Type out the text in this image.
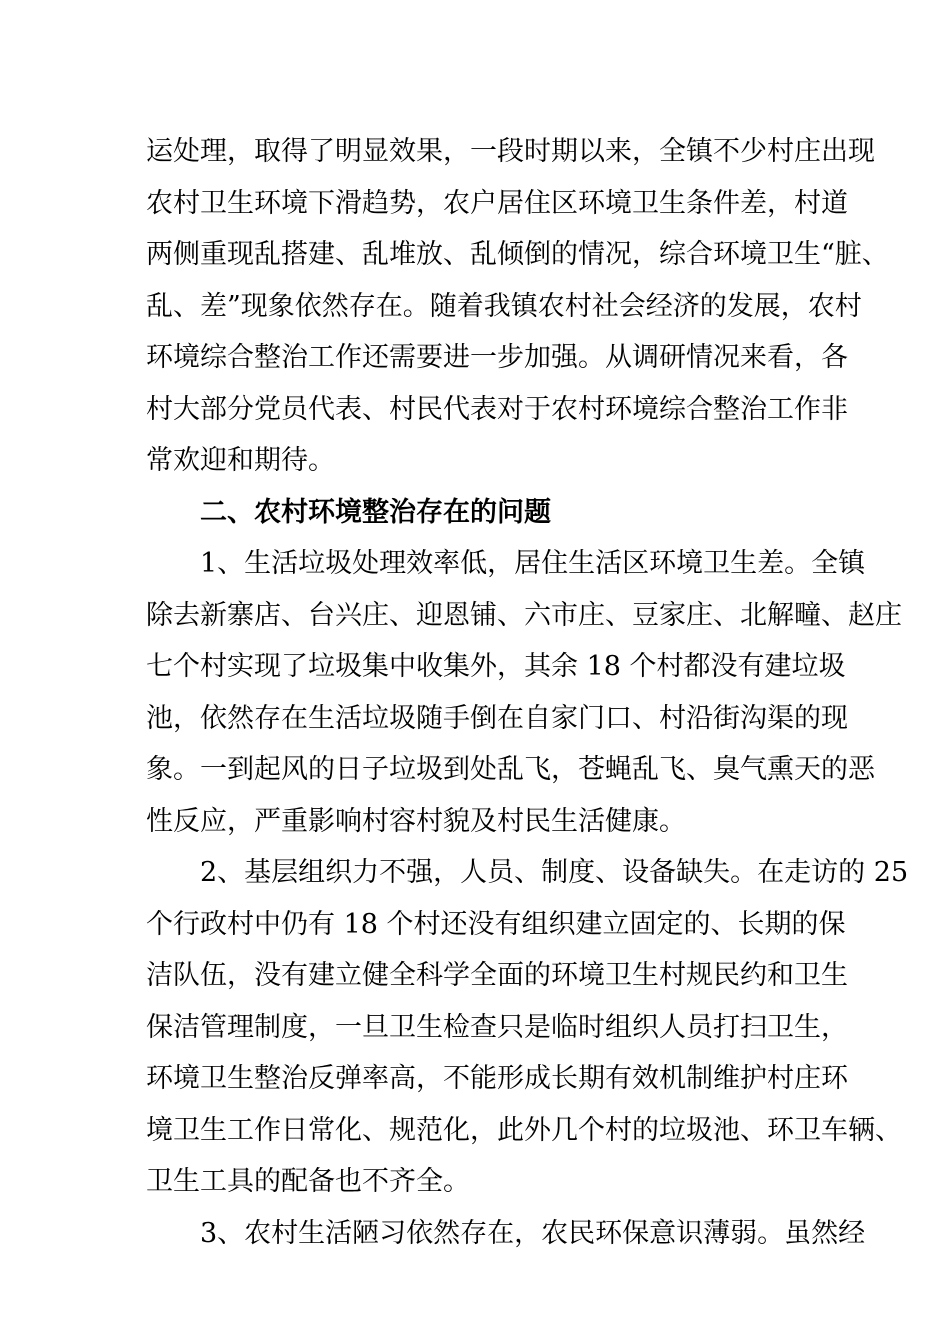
运处理，取得了明显效果，一段时期以来，全镇不少村庄出现
农村卫生环境下滑趋势，农户居住区环境卫生条件差，村道
两侧重现乱搭建、乱堆放、乱倾倒的情况，综合环境卫生“脏、
乱、差”现象依然存在。随着我镇农村社会经济的发展，农村
环境综合整治工作还需要进一步加强。从调研情况来看，各
村大部分党员代表、村民代表对于农村环境综合整治工作非
常欢迎和期待。
二、农村环境整治存在的问题
1、生活垃圾处理效率低，居住生活区环境卫生差。全镇
除去新寨店、台兴庄、迎恩铺、六市庄、豆家庄、北解疃、赵庄
七个村实现了垃圾集中收集外，其余 18 个村都没有建垃圾
池，依然存在生活垃圾随手倒在自家门口、村沿街沟渠的现
象。一到起风的日子垃圾到处乱飞，苍蝇乱飞、臭气熏天的恶
性反应，严重影响村容村貌及村民生活健康。
2、基层组织力不强，人员、制度、设备缺失。在走访的 25
个行政村中仍有 18 个村还没有组织建立固定的、长期的保
洁队伍，没有建立健全科学全面的环境卫生村规民约和卫生
保洁管理制度，一旦卫生检查只是临时组织人员打扫卫生，
环境卫生整治反弹率高，不能形成长期有效机制维护村庄环
境卫生工作日常化、规范化，此外几个村的垃圾池、环卫车辆、
卫生工具的配备也不齐全。
3、农村生活陋习依然存在，农民环保意识薄弱。虽然经
